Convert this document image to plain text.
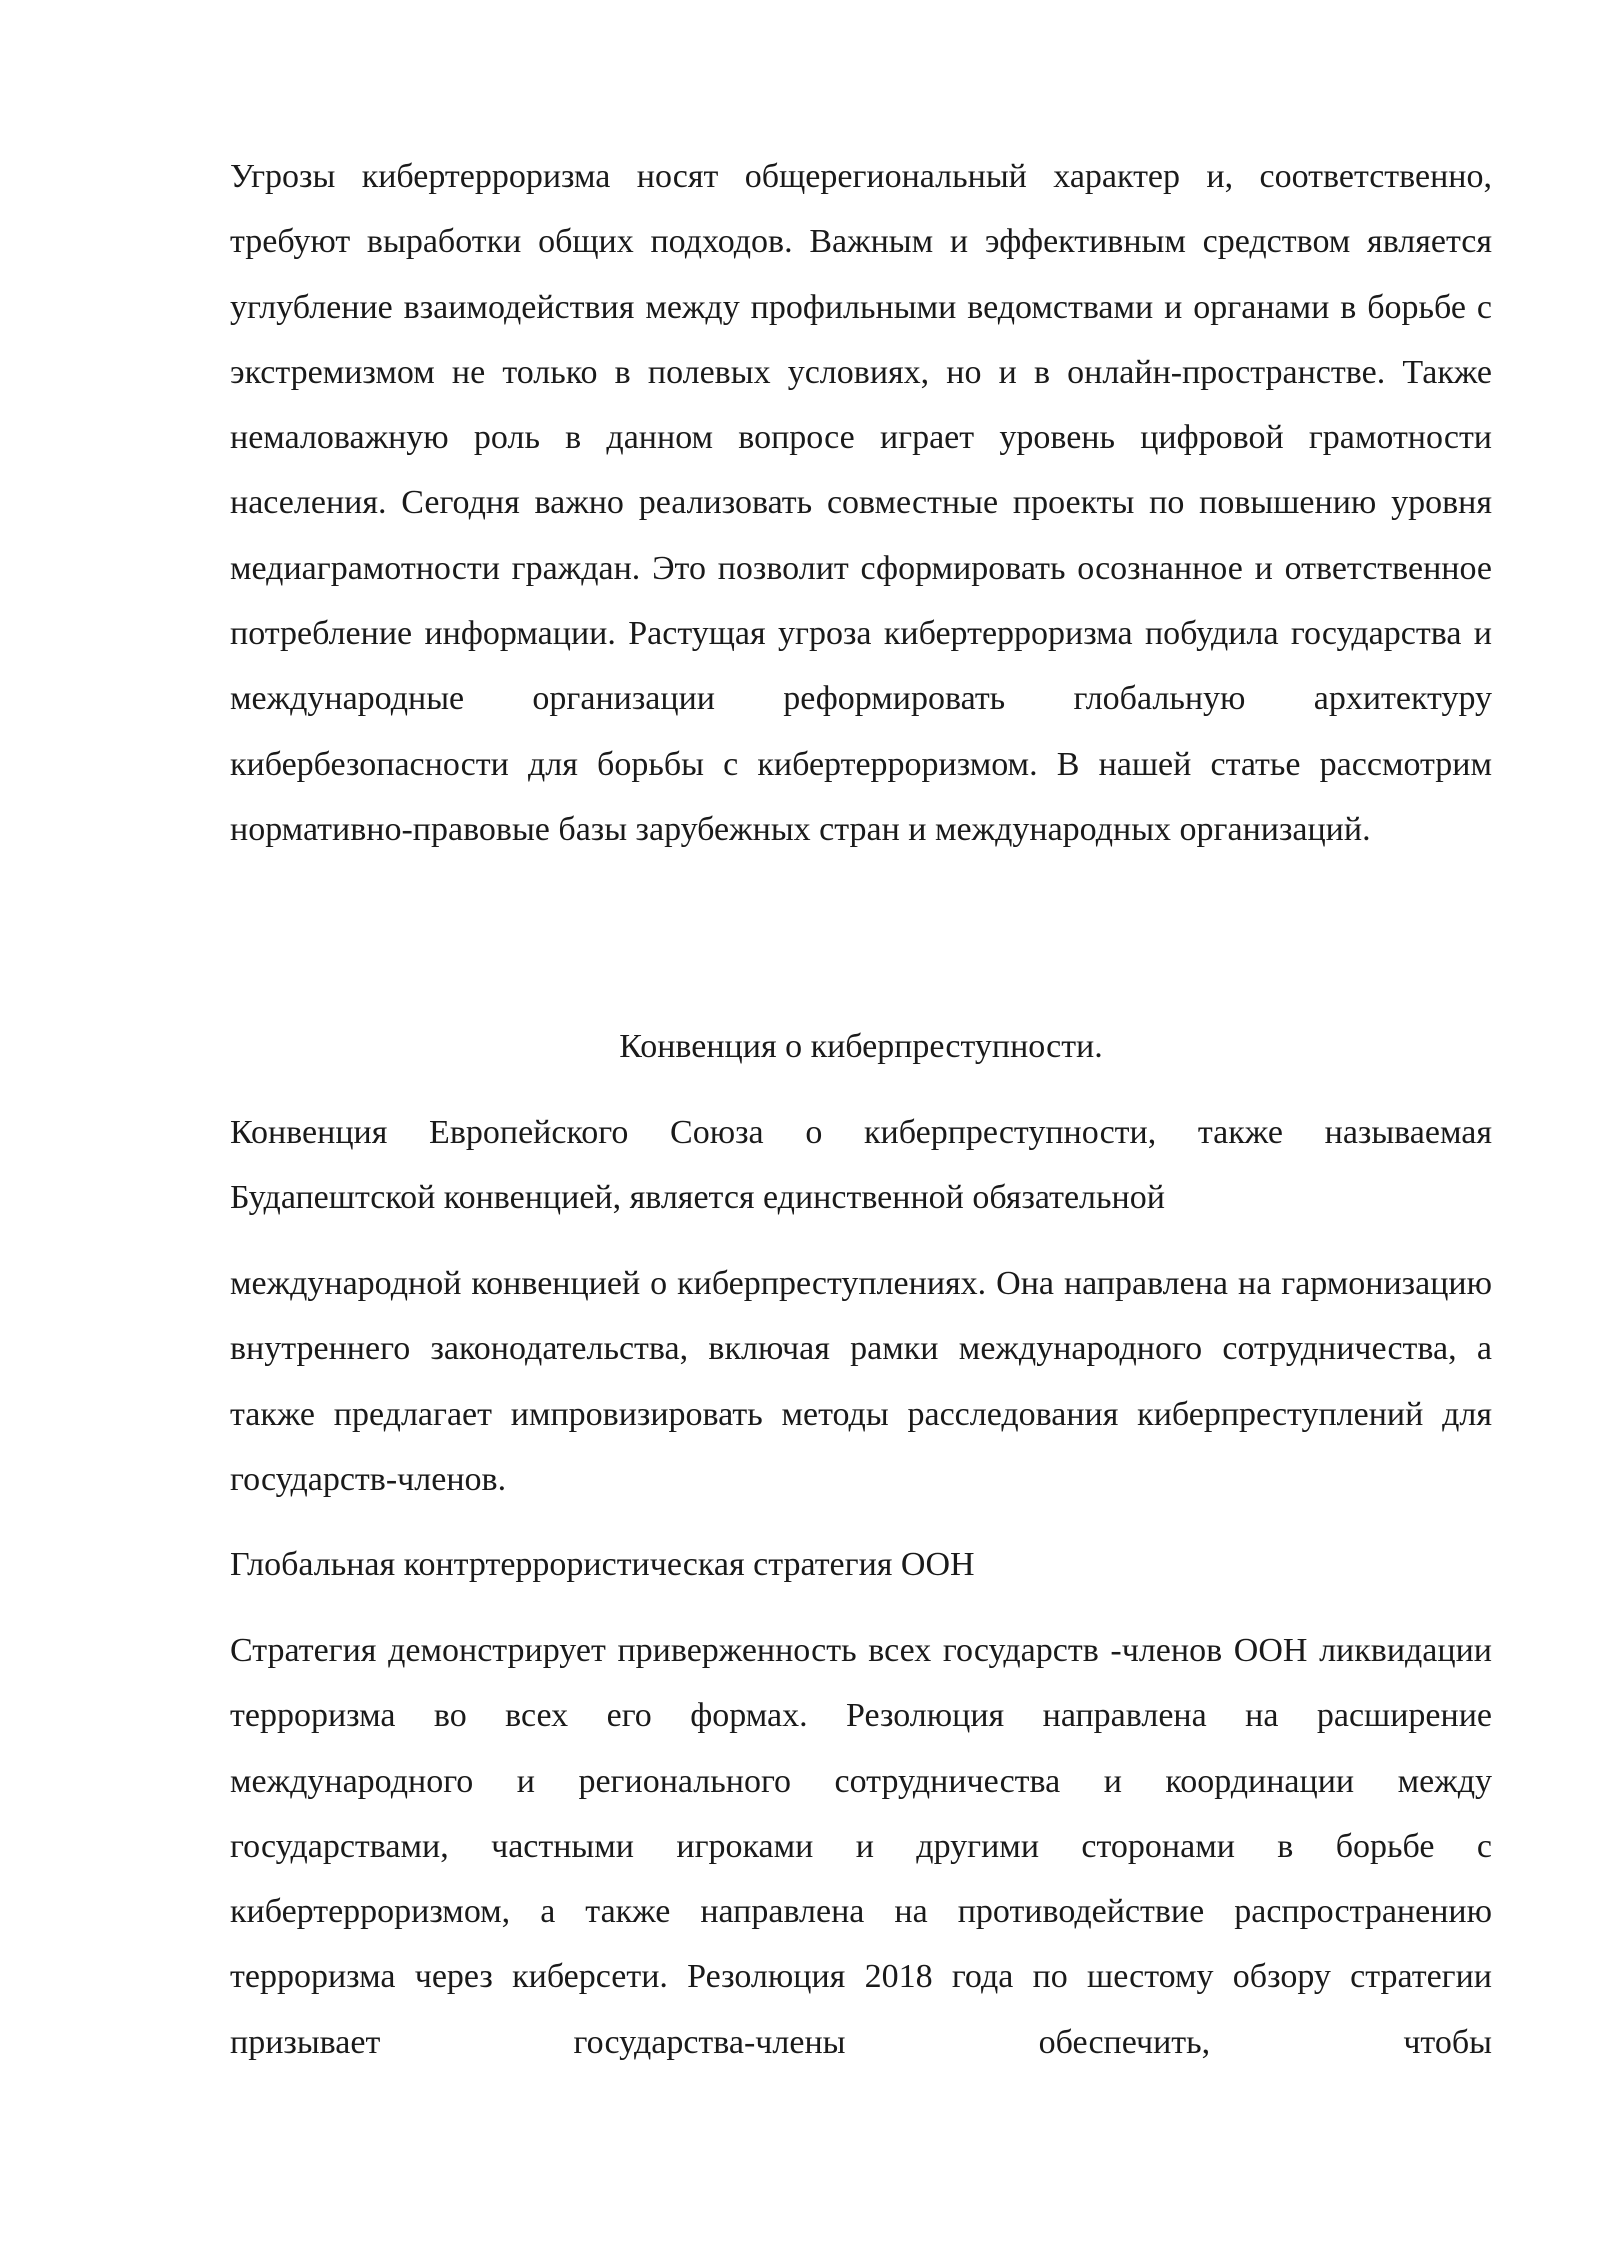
Угрозы кибертерроризма носят общерегиональный характер и, соответственно, требуют выработки общих подходов. Важным и эффективным средством является углубление взаимодействия между профильными ведомствами и органами в борьбе с экстремизмом не только в полевых условиях, но и в онлайн-пространстве. Также немаловажную роль в данном вопросе играет уровень цифровой грамотности населения. Сегодня важно реализовать совместные проекты по повышению уровня медиаграмотности граждан. Это позволит сформировать осознанное и ответственное потребление информации. Растущая угроза кибертерроризма побудила государства и международные организации реформировать глобальную архитектуру кибербезопасности для борьбы с кибертерроризмом. В нашей статье рассмотрим нормативно-правовые базы зарубежных стран и международных организаций.

Конвенция о киберпреступности.

Конвенция Европейского Союза о киберпреступности, также называемая
Будапештской конвенцией, является единственной обязательной

международной конвенцией о киберпреступлениях. Она направлена на гармонизацию внутреннего законодательства, включая рамки международного сотрудничества, а также предлагает импровизировать методы расследования киберпреступлений для государств-членов.

Глобальная контртеррористическая стратегия ООН

Стратегия демонстрирует приверженность всех государств -членов ООН ликвидации терроризма во всех его формах. Резолюция направлена на расширение международного и регионального сотрудничества и координации между государствами, частными игроками и другими сторонами в борьбе с кибертерроризмом, а также направлена на противодействие распространению терроризма через киберсети. Резолюция 2018 года по шестому обзору стратегии призывает государства-члены обеспечить, чтобы
